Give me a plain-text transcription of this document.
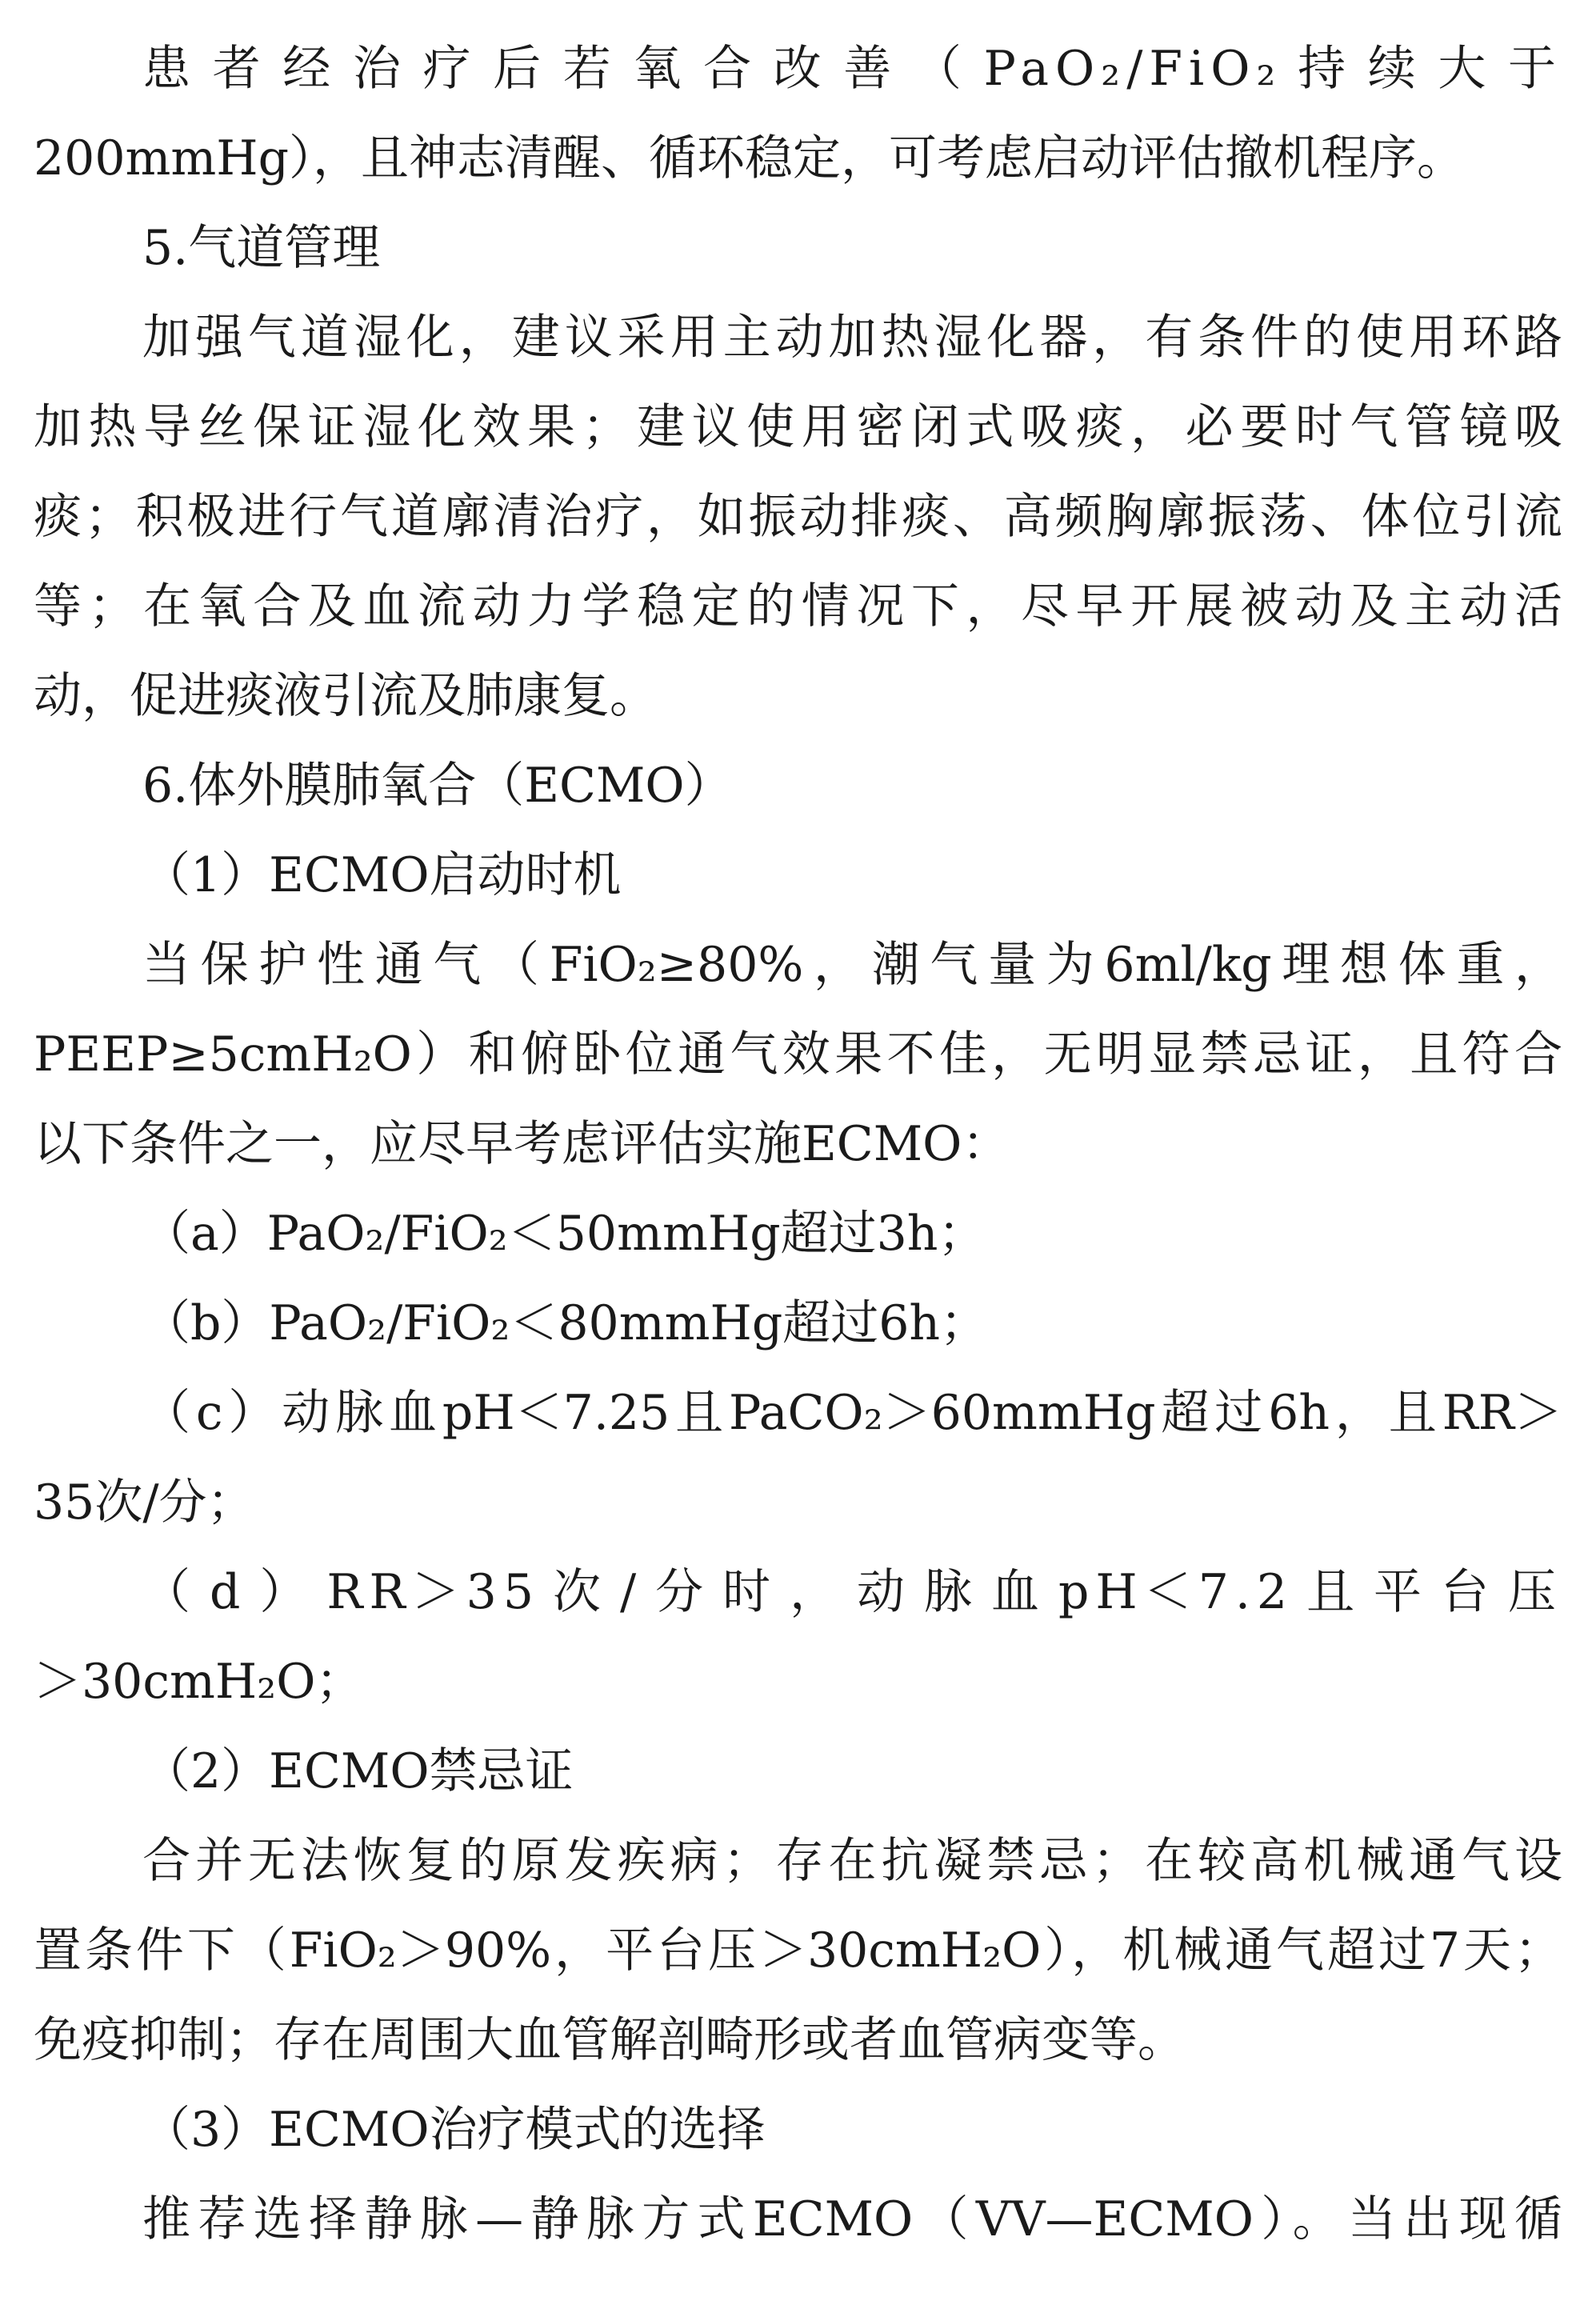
患者经治疗后若氧合改善（PaO₂/FiO₂持续大于
200mmHg），且神志清醒、循环稳定，可考虑启动评估撤机程序。
5.气道管理
加强气道湿化，建议采用主动加热湿化器，有条件的使用环路
加热导丝保证湿化效果；建议使用密闭式吸痰，必要时气管镜吸
痰；积极进行气道廓清治疗，如振动排痰、高频胸廓振荡、体位引流
等；在氧合及血流动力学稳定的情况下，尽早开展被动及主动活
动，促进痰液引流及肺康复。
6.体外膜肺氧合（ECMO）
（1）ECMO启动时机
当保护性通气（FiO₂≥80%，潮气量为6ml/kg理想体重，
PEEP≥5cmH₂O）和俯卧位通气效果不佳，无明显禁忌证，且符合
以下条件之一，应尽早考虑评估实施ECMO：
（a）PaO₂/FiO₂＜50mmHg超过3h；
（b）PaO₂/FiO₂＜80mmHg超过6h；
（c）动脉血pH＜7.25且PaCO₂＞60mmHg超过6h，且RR＞
35次/分；
（d）RR＞35次/分时，动脉血pH＜7.2且平台压
＞30cmH₂O；
（2）ECMO禁忌证
合并无法恢复的原发疾病；存在抗凝禁忌；在较高机械通气设
置条件下（FiO₂＞90%，平台压＞30cmH₂O），机械通气超过7天；
免疫抑制；存在周围大血管解剖畸形或者血管病变等。
（3）ECMO治疗模式的选择
推荐选择静脉—静脉方式ECMO（VV—ECMO）。当出现循
